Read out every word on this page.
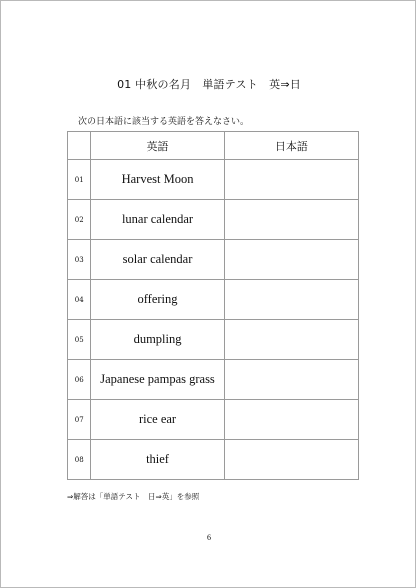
01 中秋の名月　単語テスト　英⇒日
次の日本語に該当する英語を答えなさい。
	英語	日本語
01	Harvest Moon	
02	lunar calendar	
03	solar calendar	
04	offering	
05	dumpling	
06	Japanese pampas grass	
07	rice ear	
08	thief	
⇒解答は「単語テスト　日⇒英」を参照
6
